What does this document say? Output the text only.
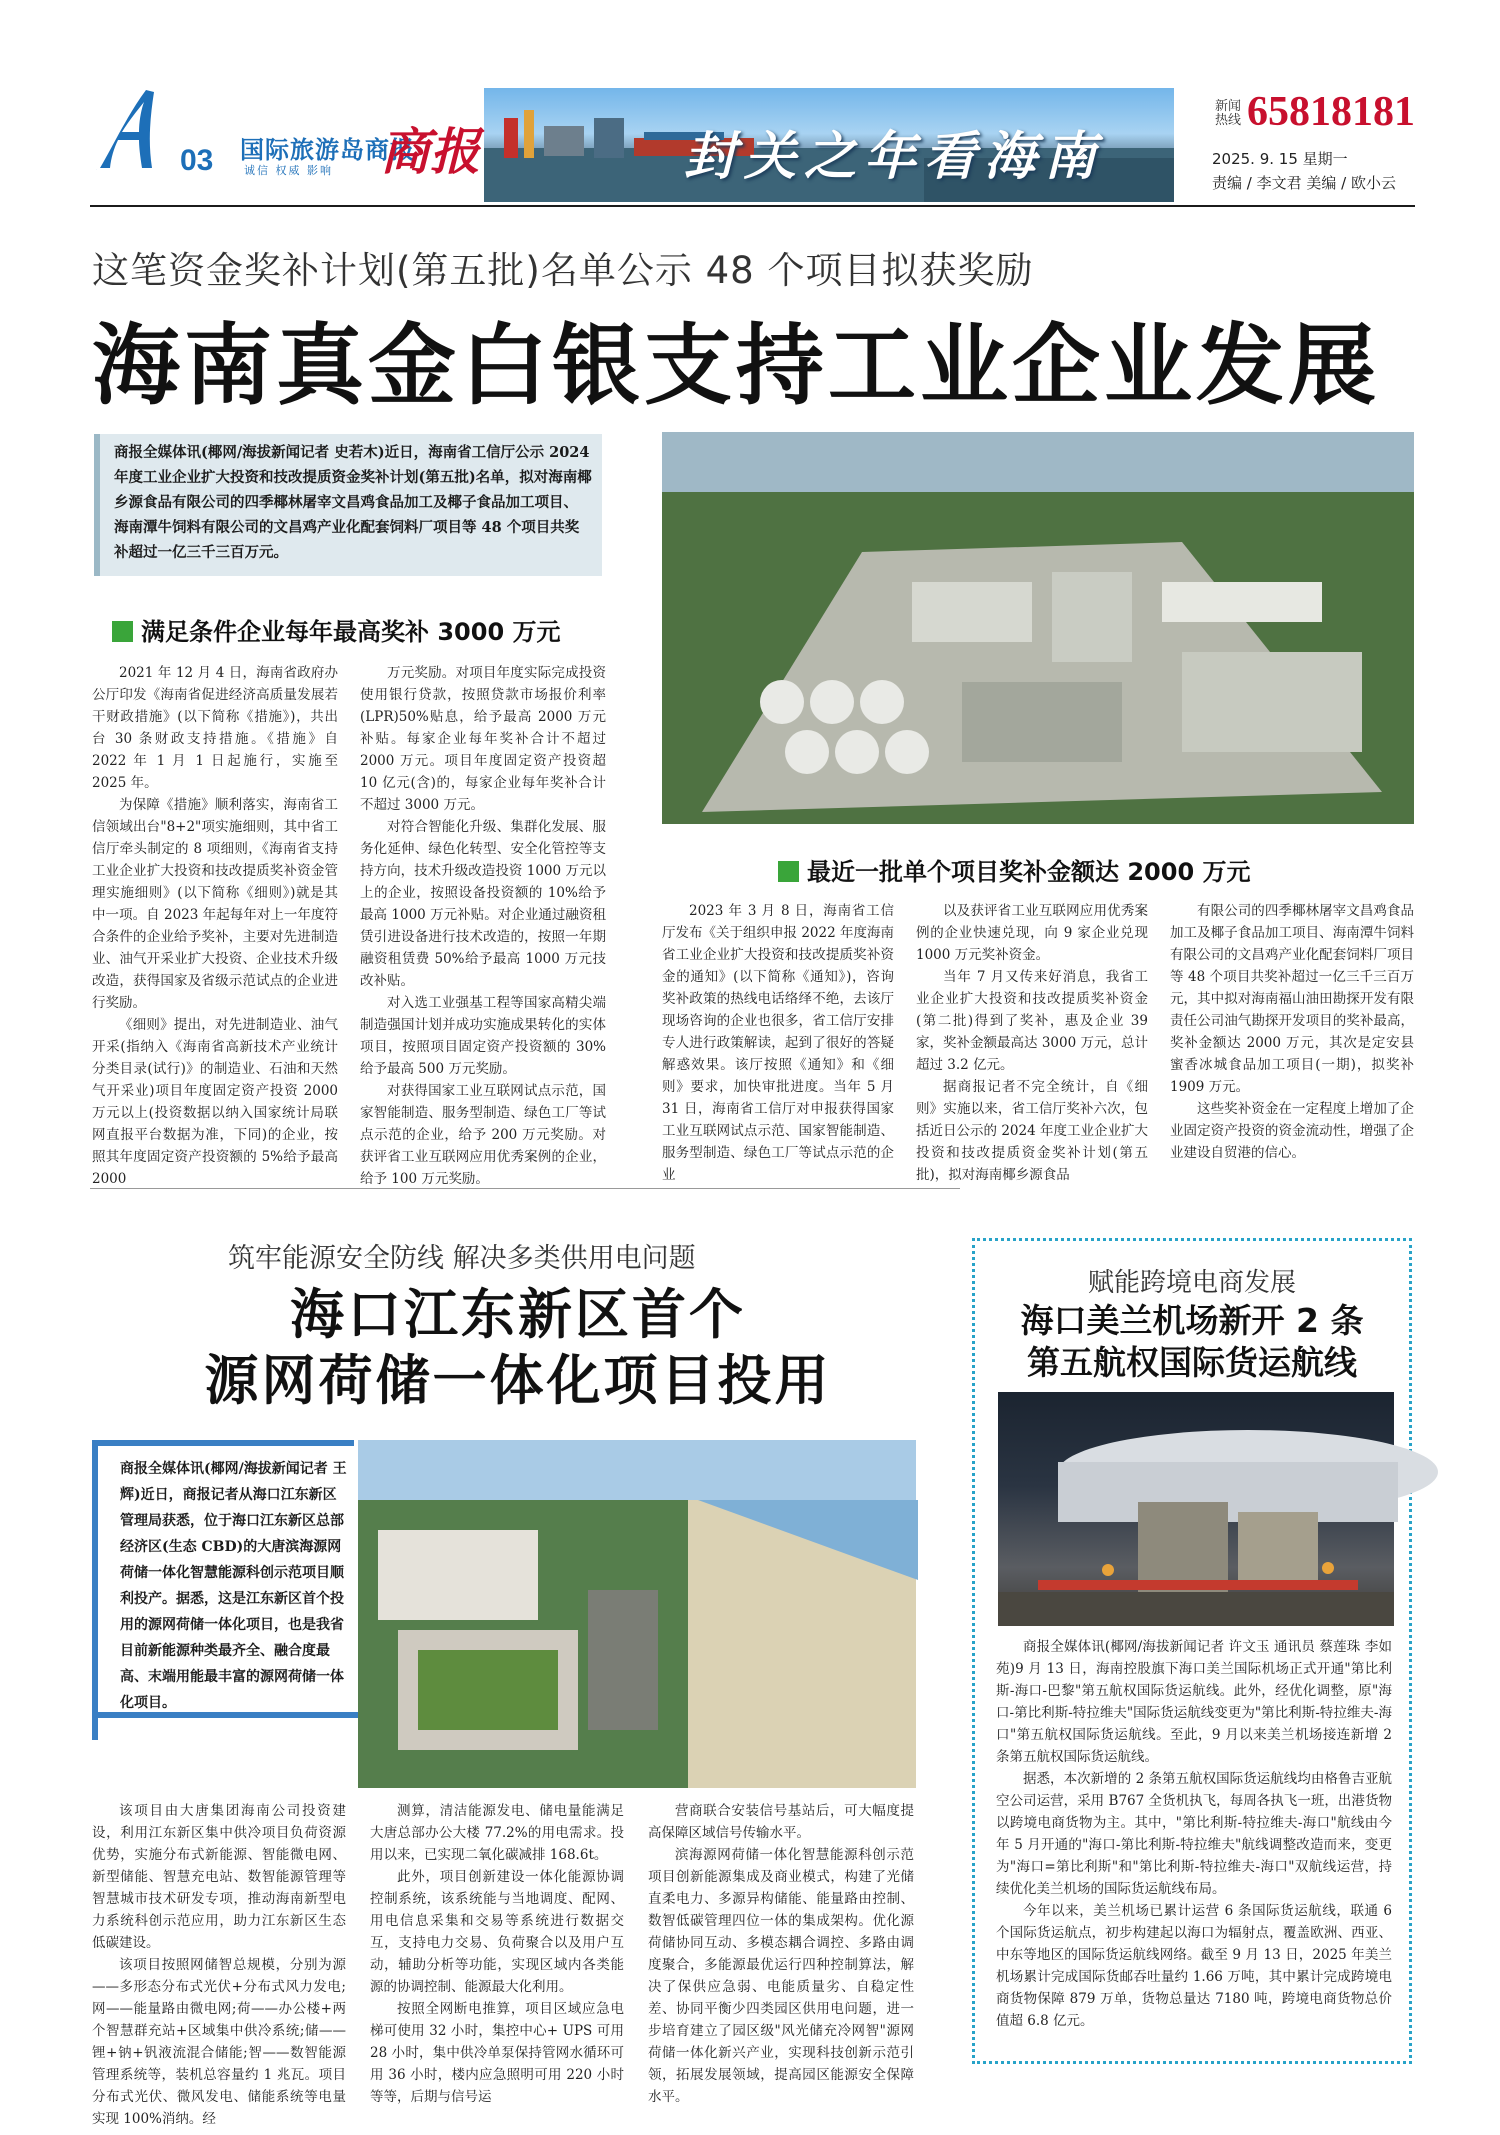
A	03 国际旅游岛商报
诚信 权威 影响	封关之年看海南
新闻热线 65818181
2025. 9. 15 星期一
责编 / 李文君 美编 / 欧小云
商报
这笔资金奖补计划(第五批)名单公示 48 个项目拟获奖励
海南真金白银支持工业企业发展
商报全媒体讯(椰网/海拔新闻记者 史若木)近日，海南省工信厅公示 2024 年度工业企业扩大投资和技改提质资金奖补计划(第五批)名单，拟对海南椰乡源食品有限公司的四季椰林屠宰文昌鸡食品加工及椰子食品加工项目、海南潭牛饲料有限公司的文昌鸡产业化配套饲料厂项目等 48 个项目共奖补超过一亿三千三百万元。
满足条件企业每年最高奖补 3000 万元
最近一批单个项目奖补金额达 2000 万元

2021 年 12 月 4 日，海南省政府办公厅印发《海南省促进经济高质量发展若干财政措施》(以下简称《措施》)，共出台 30 条财政支持措施。《措施》自 2022 年 1 月 1 日起施行，实施至 2025 年。

为保障《措施》顺利落实，海南省工信领域出台"8+2"项实施细则，其中省工信厅牵头制定的 8 项细则，《海南省支持工业企业扩大投资和技改提质奖补资金管理实施细则》(以下简称《细则》)就是其中一项。自 2023 年起每年对上一年度符合条件的企业给予奖补，主要对先进制造业、油气开采业扩大投资、企业技术升级改造，获得国家及省级示范试点的企业进行奖励。

《细则》提出，对先进制造业、油气开采(指纳入《海南省高新技术产业统计分类目录(试行)》的制造业、石油和天然气开采业)项目年度固定资产投资 2000 万元以上(投资数据以纳入国家统计局联网直报平台数据为准，下同)的企业，按照其年度固定资产投资额的 5%给予最高 2000

万元奖励。对项目年度实际完成投资使用银行贷款，按照贷款市场报价利率(LPR)50%贴息，给予最高 2000 万元补贴。每家企业每年奖补合计不超过 2000 万元。项目年度固定资产投资超 10 亿元(含)的，每家企业每年奖补合计不超过 3000 万元。

对符合智能化升级、集群化发展、服务化延伸、绿色化转型、安全化管控等支持方向，技术升级改造投资 1000 万元以上的企业，按照设备投资额的 10%给予最高 1000 万元补贴。对企业通过融资租赁引进设备进行技术改造的，按照一年期融资租赁费 50%给予最高 1000 万元技改补贴。

对入选工业强基工程等国家高精尖端制造强国计划并成功实施成果转化的实体项目，按照项目固定资产投资额的 30%给予最高 500 万元奖励。

对获得国家工业互联网试点示范，国家智能制造、服务型制造、绿色工厂等试点示范的企业，给予 200 万元奖励。对获评省工业互联网应用优秀案例的企业，给予 100 万元奖励。

2023 年 3 月 8 日，海南省工信厅发布《关于组织申报 2022 年度海南省工业企业扩大投资和技改提质奖补资金的通知》(以下简称《通知》)，咨询奖补政策的热线电话络绎不绝，去该厅现场咨询的企业也很多，省工信厅安排专人进行政策解读，起到了很好的答疑解惑效果。该厅按照《通知》和《细则》要求，加快审批进度。当年 5 月 31 日，海南省工信厅对申报获得国家工业互联网试点示范、国家智能制造、服务型制造、绿色工厂等试点示范的企业

以及获评省工业互联网应用优秀案例的企业快速兑现，向 9 家企业兑现 1000 万元奖补资金。

当年 7 月又传来好消息，我省工业企业扩大投资和技改提质奖补资金(第二批)得到了奖补，惠及企业 39 家，奖补金额最高达 3000 万元，总计超过 3.2 亿元。

据商报记者不完全统计，自《细则》实施以来，省工信厅奖补六次，包括近日公示的 2024 年度工业企业扩大投资和技改提质资金奖补计划(第五批)，拟对海南椰乡源食品

有限公司的四季椰林屠宰文昌鸡食品加工及椰子食品加工项目、海南潭牛饲料有限公司的文昌鸡产业化配套饲料厂项目等 48 个项目共奖补超过一亿三千三百万元，其中拟对海南福山油田勘探开发有限责任公司油气勘探开发项目的奖补最高，奖补金额达 2000 万元，其次是定安县蜜香冰城食品加工项目(一期)，拟奖补 1909 万元。

这些奖补资金在一定程度上增加了企业固定资产投资的资金流动性，增强了企业建设自贸港的信心。

筑牢能源安全防线 解决多类供用电问题
海口江东新区首个
源网荷储一体化项目投用
商报全媒体讯(椰网/海拔新闻记者 王辉)近日，商报记者从海口江东新区管理局获悉，位于海口江东新区总部经济区(生态 CBD)的大唐滨海源网荷储一体化智慧能源科创示范项目顺利投产。据悉，这是江东新区首个投用的源网荷储一体化项目，也是我省目前新能源种类最齐全、融合度最高、末端用能最丰富的源网荷储一体化项目。

该项目由大唐集团海南公司投资建设，利用江东新区集中供冷项目负荷资源优势，实施分布式新能源、智能微电网、新型储能、智慧充电站、数智能源管理等智慧城市技术研发专项，推动海南新型电力系统科创示范应用，助力江东新区生态低碳建设。

该项目按照网储智总规模，分别为源——多形态分布式光伏+分布式风力发电;网——能量路由微电网;荷——办公楼+两个智慧群充站+区域集中供冷系统;储——锂+钠+钒液流混合储能;智——数智能源管理系统等，装机总容量约 1 兆瓦。项目分布式光伏、微风发电、储能系统等电量实现 100%消纳。经

测算，清洁能源发电、储电量能满足大唐总部办公大楼 77.2%的用电需求。投用以来，已实现二氧化碳减排 168.6t。

此外，项目创新建设一体化能源协调控制系统，该系统能与当地调度、配网、用电信息采集和交易等系统进行数据交互，支持电力交易、负荷聚合以及用户互动，辅助分析等功能，实现区域内各类能源的协调控制、能源最大化利用。

按照全网断电推算，项目区域应急电梯可使用 32 小时，集控中心+ UPS 可用 28 小时，集中供冷单泵保持管网水循环可用 36 小时，楼内应急照明可用 220 小时等等，后期与信号运

营商联合安装信号基站后，可大幅度提高保障区域信号传输水平。

滨海源网荷储一体化智慧能源科创示范项目创新能源集成及商业模式，构建了光储直柔电力、多源异构储能、能量路由控制、数智低碳管理四位一体的集成架构。优化源荷储协同互动、多模态耦合调控、多路由调度聚合，多能源最优运行四种控制算法，解决了保供应急弱、电能质量劣、自稳定性差、协同平衡少四类园区供用电问题，进一步培育建立了园区级"风光储充冷网智"源网荷储一体化新兴产业，实现科技创新示范引领，拓展发展领域，提高园区能源安全保障水平。

赋能跨境电商发展
海口美兰机场新开 2 条
第五航权国际货运航线

商报全媒体讯(椰网/海拔新闻记者 许文玉 通讯员 蔡莲珠 李如苑)9 月 13 日，海南控股旗下海口美兰国际机场正式开通"第比利斯-海口-巴黎"第五航权国际货运航线。此外，经优化调整，原"海口-第比利斯-特拉维夫"国际货运航线变更为"第比利斯-特拉维夫-海口"第五航权国际货运航线。至此，9 月以来美兰机场接连新增 2 条第五航权国际货运航线。

据悉，本次新增的 2 条第五航权国际货运航线均由格鲁吉亚航空公司运营，采用 B767 全货机执飞，每周各执飞一班，出港货物以跨境电商货物为主。其中，"第比利斯-特拉维夫-海口"航线由今年 5 月开通的"海口-第比利斯-特拉维夫"航线调整改造而来，变更为"海口=第比利斯"和"第比利斯-特拉维夫-海口"双航线运营，持续优化美兰机场的国际货运航线布局。

今年以来，美兰机场已累计运营 6 条国际货运航线，联通 6 个国际货运航点，初步构建起以海口为辐射点，覆盖欧洲、西亚、中东等地区的国际货运航线网络。截至 9 月 13 日，2025 年美兰机场累计完成国际货邮吞吐量约 1.66 万吨，其中累计完成跨境电商货物保障 879 万单，货物总量达 7180 吨，跨境电商货物总价值超 6.8 亿元。
